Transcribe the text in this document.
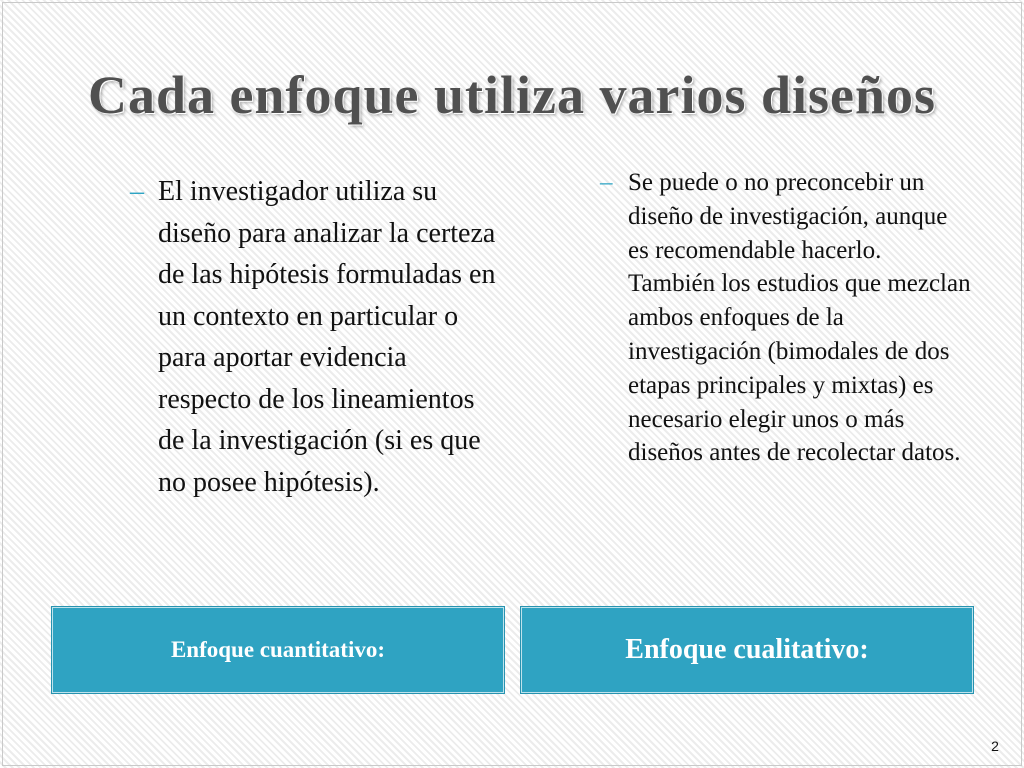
Cada enfoque utiliza varios diseños
– El investigador utiliza su diseño para analizar la certeza de las hipótesis formuladas en un contexto en particular o para aportar evidencia respecto de los lineamientos de la investigación (si es que no posee hipótesis).
– Se puede o no preconcebir un diseño de investigación, aunque es recomendable hacerlo. También los estudios que mezclan ambos enfoques de la investigación (bimodales de dos etapas principales y mixtas) es necesario elegir unos o más diseños antes de recolectar datos.
Enfoque cuantitativo:	Enfoque cualitativo:
2
